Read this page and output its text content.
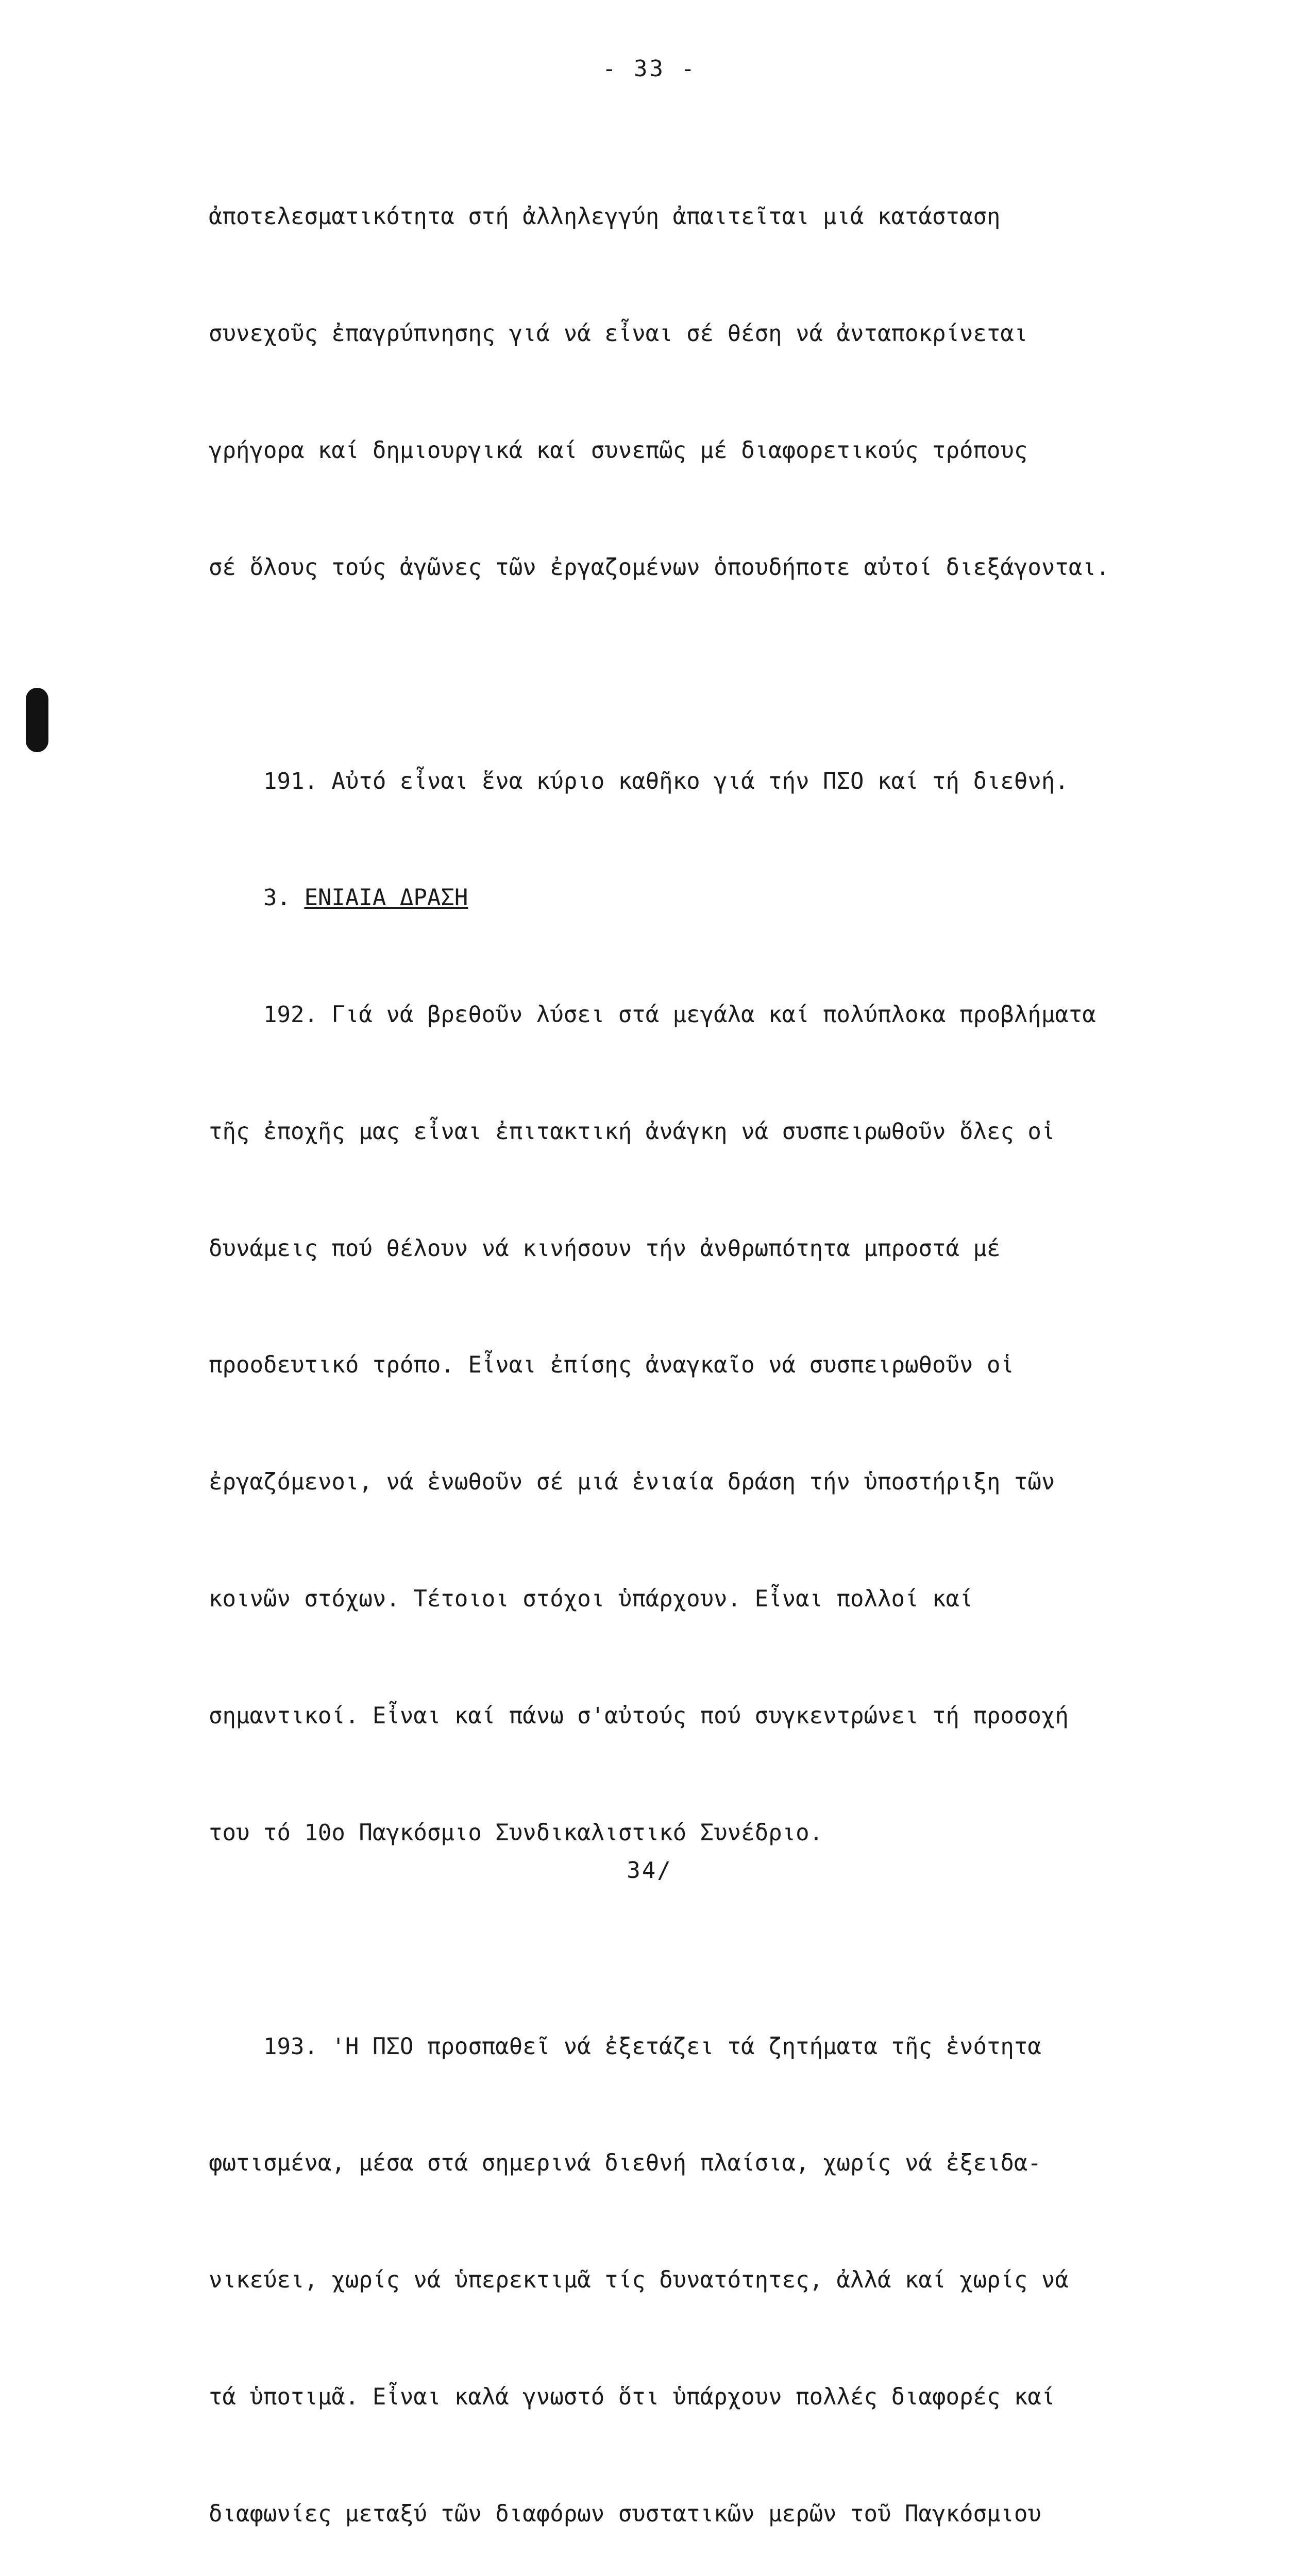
- 33 -

ἀποτελεσματικότητα στή ἀλληλεγγύη ἀπαιτεῖται μιά κατάσταση

συνεχοῦς ἐπαγρύπνησης γιά νά εἶναι σέ θέση νά ἀνταποκρίνεται

γρήγορα καί δημιουργικά καί συνεπῶς μέ διαφορετικούς τρόπους

σέ ὅλους τούς ἀγῶνες τῶν ἐργαζομένων ὁπουδήποτε αὐτοί διεξάγονται.

191. Αὐτό εἶναι ἕνα κύριο καθῆκο γιά τήν ΠΣΟ καί τή διεθνή.

3. ΕΝΙΑΙΑ ΔΡΑΣΗ

192. Γιά νά βρεθοῦν λύσει στά μεγάλα καί πολύπλοκα προβλήματα

τῆς ἐποχῆς μας εἶναι ἐπιτακτική ἀνάγκη νά συσπειρωθοῦν ὅλες οἱ

δυνάμεις πού θέλουν νά κινήσουν τήν ἀνθρωπότητα μπροστά μέ

προοδευτικό τρόπο. Εἶναι ἐπίσης ἀναγκαῖο νά συσπειρωθοῦν οἱ

ἐργαζόμενοι, νά ἑνωθοῦν σέ μιά ἑνιαία δράση τήν ὑποστήριξη τῶν

κοινῶν στόχων. Τέτοιοι στόχοι ὑπάρχουν. Εἶναι πολλοί καί

σημαντικοί. Εἶναι καί πάνω σ'αὐτούς πού συγκεντρώνει τή προσοχή

του τό 10ο Παγκόσμιο Συνδικαλιστικό Συνέδριο.

193. 'Η ΠΣΟ προσπαθεῖ νά ἐξετάζει τά ζητήματα τῆς ἑνότητα

φωτισμένα, μέσα στά σημερινά διεθνή πλαίσια, χωρίς νά ἐξειδα-

νικεύει, χωρίς νά ὑπερεκτιμᾶ τίς δυνατότητες, ἀλλά καί χωρίς νά

τά ὑποτιμᾶ. Εἶναι καλά γνωστό ὅτι ὑπάρχουν πολλές διαφορές καί

διαφωνίες μεταξύ τῶν διαφόρων συστατικῶν μερῶν τοῦ Παγκόσμιου

34/
